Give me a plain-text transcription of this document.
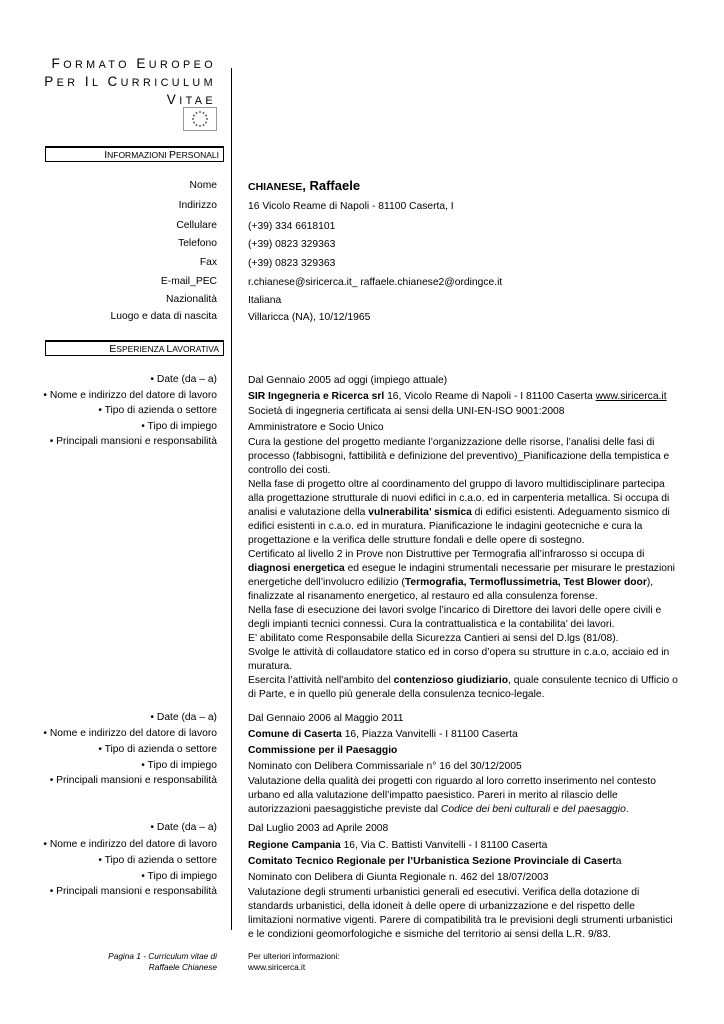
FORMATO EUROPEO
PER IL CURRICULUM
VITAE
INFORMAZIONI PERSONALI
Nome	CHIANESE, Raffaele
Indirizzo	16 Vicolo Reame di Napoli - 81100 Caserta, I
Cellulare	(+39) 334 6618101
Telefono	(+39) 0823 329363
Fax	(+39) 0823 329363
E-mail_PEC	r.chianese@siricerca.it_ raffaele.chianese2@ordingce.it
Nazionalità	Italiana
Luogo e data di nascita	Villaricca (NA), 10/12/1965
ESPERIENZA LAVORATIVA
• Date (da – a)	Dal Gennaio 2005 ad oggi (impiego attuale)
• Nome e indirizzo del datore di lavoro	SIR Ingegneria e Ricerca srl 16, Vicolo Reame di Napoli - I 81100 Caserta www.siricerca.it
• Tipo di azienda o settore	Società di ingegneria certificata ai sensi della UNI-EN-ISO 9001:2008
• Tipo di impiego	Amministratore e Socio Unico
• Principali mansioni e responsabilità	Cura la gestione del progetto mediante l’organizzazione delle risorse, l’analisi delle fasi di processo (fabbisogni, fattibilità e definizione del preventivo)_Pianificazione della tempistica e controllo dei costi.
Nella fase di progetto oltre al coordinamento del gruppo di lavoro multidisciplinare partecipa alla progettazione strutturale di nuovi edifici in c.a.o. ed in carpenteria metallica. Si occupa di analisi e valutazione della vulnerabilita’ sismica di edifici esistenti. Adeguamento sismico di edifici esistenti in c.a.o. ed in muratura. Pianificazione le indagini geotecniche e cura la progettazione e la verifica delle strutture fondali e delle opere di sostegno.
Certificato al livello 2 in Prove non Distruttive per Termografia all’infrarosso si occupa di diagnosi energetica ed esegue le indagini strumentali necessarie per misurare le prestazioni energetiche dell’involucro edilizio (Termografia, Termoflussimetria, Test Blower door), finalizzate al risanamento energetico, al restauro ed alla consulenza forense.
Nella fase di esecuzione dei lavori svolge l’incarico di Direttore dei lavori delle opere civili e degli impianti tecnici connessi. Cura la contrattualistica e la contabilita’ dei lavori.
E’ abilitato come Responsabile della Sicurezza Cantieri ai sensi del D.lgs (81/08).
Svolge le attività di collaudatore statico ed in corso d’opera su strutture in c.a.o, acciaio ed in muratura.
Esercita l’attività nell'ambito del contenzioso giudiziario, quale consulente tecnico di Ufficio o di Parte, e in quello più generale della consulenza tecnico-legale.
• Date (da – a)	Dal Gennaio 2006 al Maggio 2011
• Nome e indirizzo del datore di lavoro	Comune di Caserta 16, Piazza Vanvitelli - I 81100 Caserta
• Tipo di azienda o settore	Commissione per il Paesaggio
• Tipo di impiego	Nominato con Delibera Commissariale n° 16 del 30/12/2005
• Principali mansioni e responsabilità	Valutazione della qualità dei progetti con riguardo al loro corretto inserimento nel contesto urbano ed alla valutazione dell’impatto paesistico. Pareri in merito al rilascio delle autorizzazioni paesaggistiche previste dal Codice dei beni culturali e del paesaggio.
• Date (da – a)	Dal Luglio 2003 ad Aprile 2008
• Nome e indirizzo del datore di lavoro	Regione Campania 16, Via C. Battisti Vanvitelli - I 81100 Caserta
• Tipo di azienda o settore	Comitato Tecnico Regionale per l’Urbanistica Sezione Provinciale di Caserta
• Tipo di impiego	Nominato con Delibera di Giunta Regionale n. 462 del 18/07/2003
• Principali mansioni e responsabilità	Valutazione degli strumenti urbanistici generali ed esecutivi. Verifica della dotazione di standards urbanistici, della idoneit à delle opere di urbanizzazione e del rispetto delle limitazioni normative vigenti. Parere di compatibilità tra le previsioni degli strumenti urbanistici e le condizioni geomorfologiche e sismiche del territorio ai sensi della L.R. 9/83.
Pagina 1 - Curriculum vitae di
Raffaele Chianese
Per ulteriori informazioni:
www.siricerca.it
